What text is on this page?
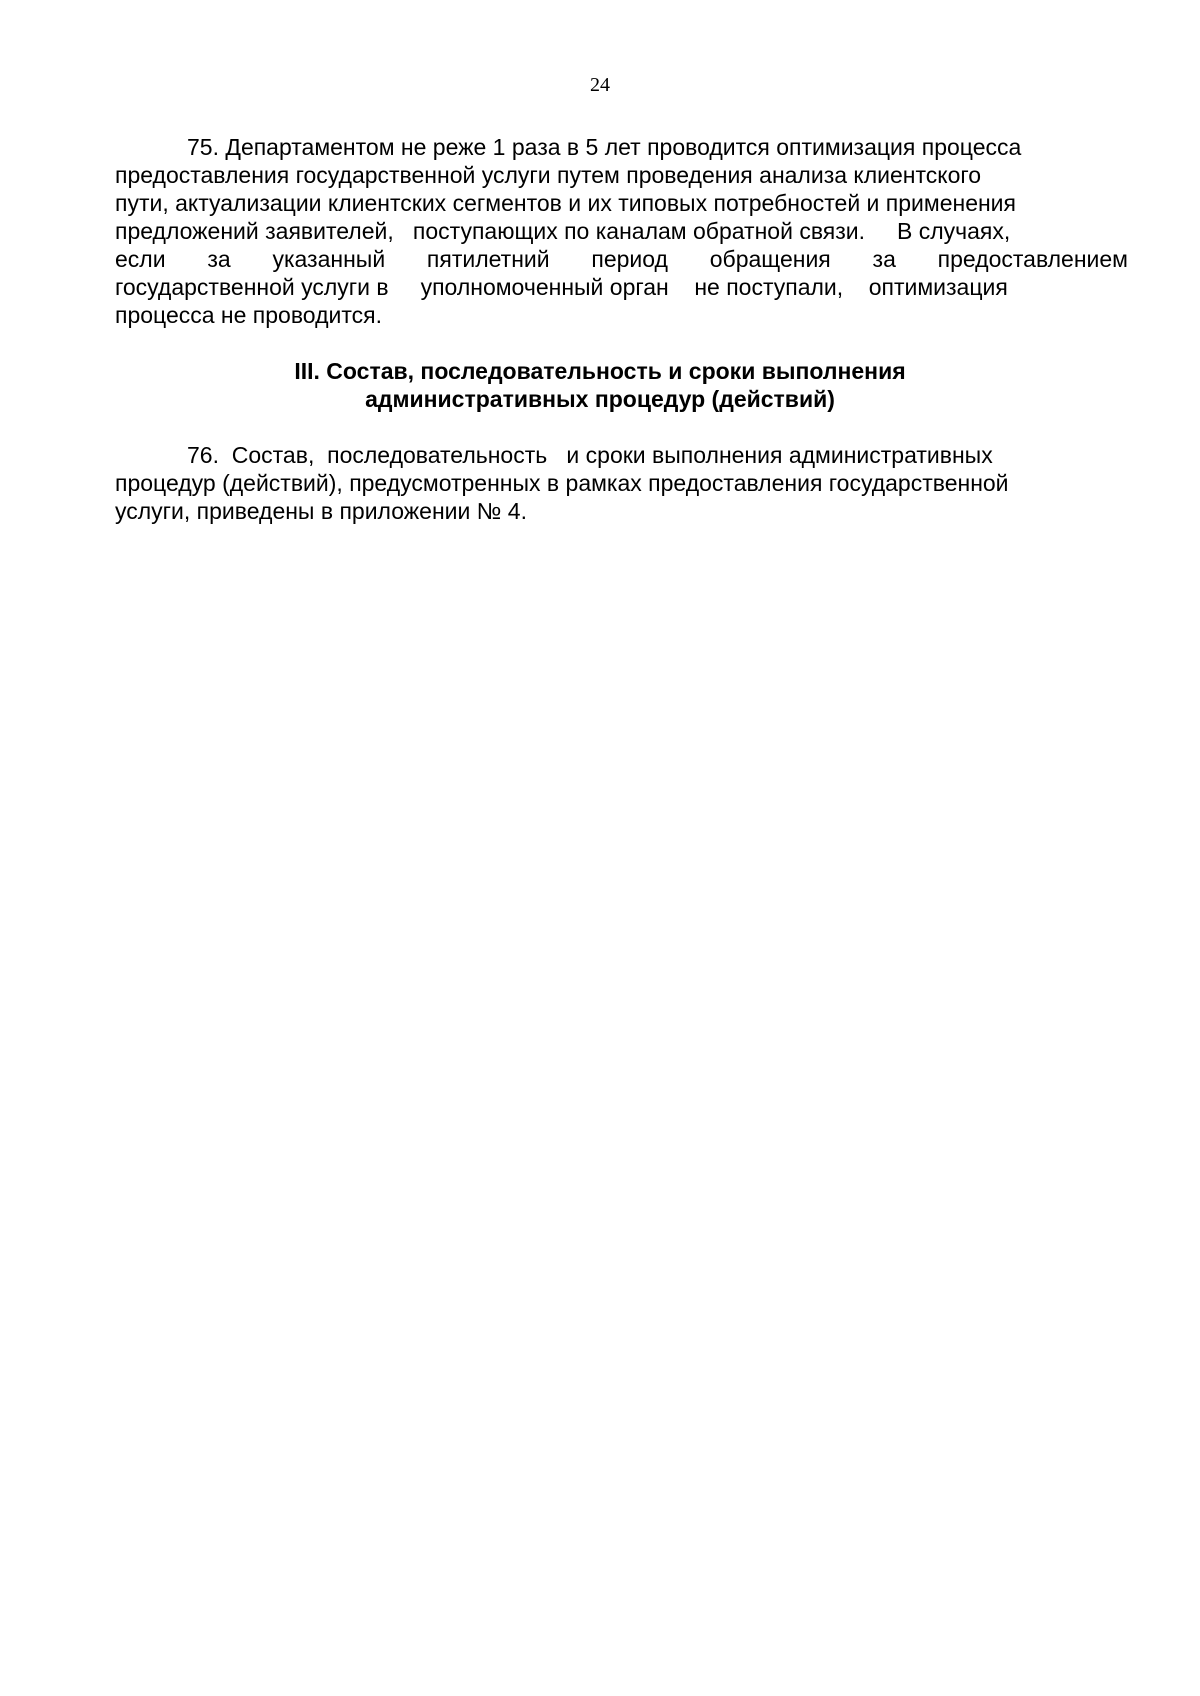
24
75. Департаментом не реже 1 раза в 5 лет проводится оптимизация процесса
предоставления государственной услуги путем проведения анализа клиентского
пути, актуализации клиентских сегментов и их типовых потребностей и применения
предложений заявителей,   поступающих по каналам обратной связи.     В случаях,
если за указанный пятилетний период обращения за предоставлением
государственной услуги в     уполномоченный орган    не поступали,    оптимизация
процесса не проводится.
III. Состав, последовательность и сроки выполнения
административных процедур (действий)
76.  Состав,  последовательность   и сроки выполнения административных
процедур (действий), предусмотренных в рамках предоставления государственной
услуги, приведены в приложении № 4.
